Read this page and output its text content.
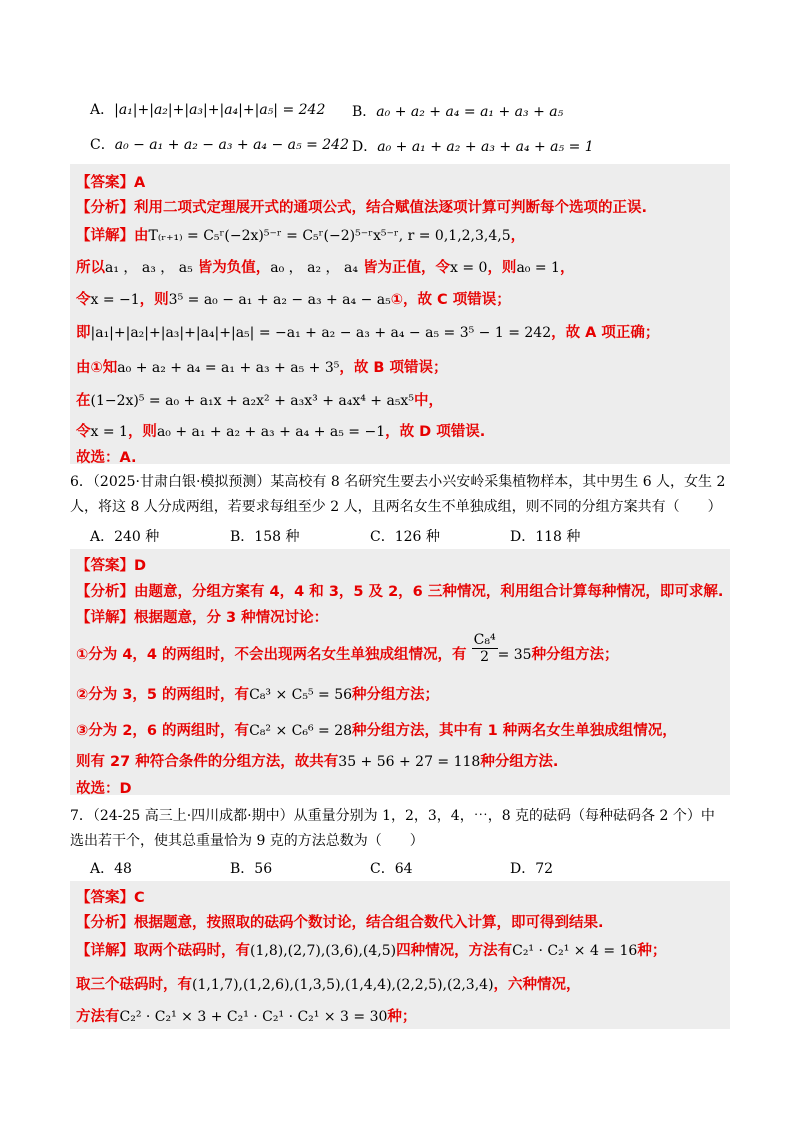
A．|a₁|+|a₂|+|a₃|+|a₄|+|a₅| = 242 B．a₀ + a₂ + a₄ = a₁ + a₃ + a₅
C．a₀ − a₁ + a₂ − a₃ + a₄ − a₅ = 242 D．a₀ + a₁ + a₂ + a₃ + a₄ + a₅ = 1
【答案】A
【分析】利用二项式定理展开式的通项公式，结合赋值法逐项计算可判断每个选项的正误.
【详解】由T₍ᵣ₊₁₎ = C₅ʳ(−2x)⁵⁻ʳ = C₅ʳ(−2)⁵⁻ʳx⁵⁻ʳ, r = 0,1,2,3,4,5，
所以a₁ ， a₃ ， a₅ 皆为负值，a₀ ， a₂ ， a₄ 皆为正值，令x = 0，则a₀ = 1，
令x = −1，则3⁵ = a₀ − a₁ + a₂ − a₃ + a₄ − a₅①，故 C 项错误；
即|a₁|+|a₂|+|a₃|+|a₄|+|a₅| = −a₁ + a₂ − a₃ + a₄ − a₅ = 3⁵ − 1 = 242，故 A 项正确；
由①知a₀ + a₂ + a₄ = a₁ + a₃ + a₅ + 3⁵，故 B 项错误；
在(1−2x)⁵ = a₀ + a₁x + a₂x² + a₃x³ + a₄x⁴ + a₅x⁵中，
令x = 1，则a₀ + a₁ + a₂ + a₃ + a₄ + a₅ = −1，故 D 项错误.
故选：A.
6．（2025·甘肃白银·模拟预测）某高校有 8 名研究生要去小兴安岭采集植物样本，其中男生 6 人，女生 2
人，将这 8 人分成两组，若要求每组至少 2 人，且两名女生不单独成组，则不同的分组方案共有（　　）
A．240 种	B．158 种	C．126 种	D．118 种
【答案】D
【分析】由题意，分组方案有 4，4 和 3，5 及 2，6 三种情况，利用组合计算每种情况，即可求解.
【详解】根据题意，分 3 种情况讨论：
①分为 4，4 的两组时，不会出现两名女生单独成组情况，有 $\frac{\text{C₈⁴}}{2} = 35$种分组方法；
②分为 3，5 的两组时，有C₈³ × C₅⁵ = 56种分组方法；
③分为 2，6 的两组时，有C₈² × C₆⁶ = 28种分组方法，其中有 1 种两名女生单独成组情况，
则有 27 种符合条件的分组方法，故共有35 + 56 + 27 = 118种分组方法.
故选：D
7．（24-25 高三上·四川成都·期中）从重量分别为 1，2，3，4，⋯，8 克的砝码（每种砝码各 2 个）中
选出若干个，使其总重量恰为 9 克的方法总数为（　　）
A．48	B．56	C．64	D．72
【答案】C
【分析】根据题意，按照取的砝码个数讨论，结合组合数代入计算，即可得到结果.
【详解】取两个砝码时，有(1,8),(2,7),(3,6),(4,5)四种情况，方法有C₂¹ · C₂¹ × 4 = 16种；
取三个砝码时，有(1,1,7),(1,2,6),(1,3,5),(1,4,4),(2,2,5),(2,3,4)，六种情况，
方法有C₂² · C₂¹ × 3 + C₂¹ · C₂¹ · C₂¹ × 3 = 30种；
